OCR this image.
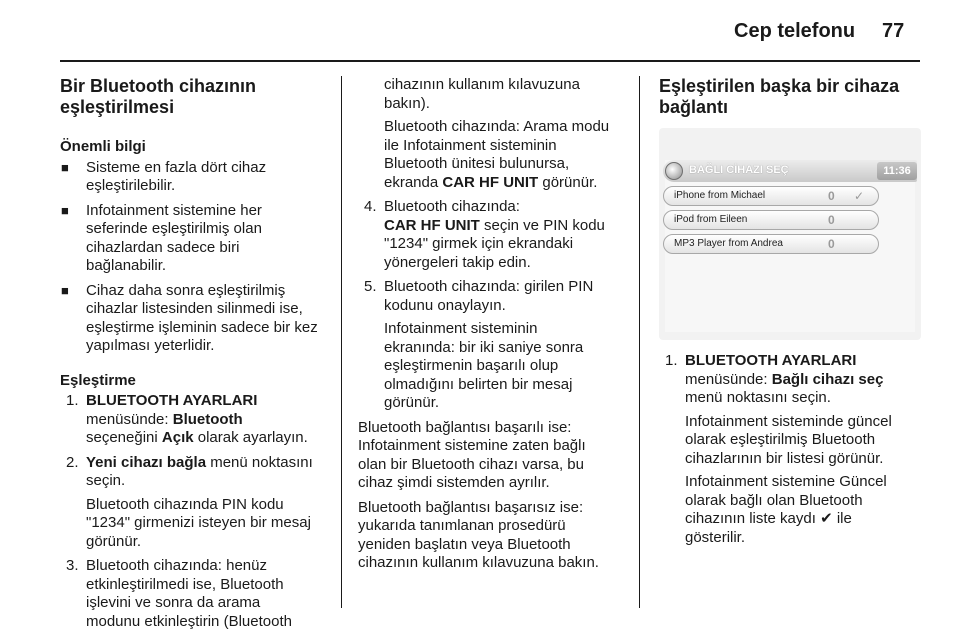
Cep telefonu 77
Bir Bluetooth cihazının
eşleştirilmesi

Önemli bilgi

■ Sisteme en fazla dört cihaz
eşleştirilebilir.
■ Infotainment sistemine her
seferinde eşleştirilmiş olan
cihazlardan sadece biri
bağlanabilir.
■ Cihaz daha sonra eşleştirilmiş
cihazlar listesinden silinmedi ise,
eşleştirme işleminin sadece bir kez
yapılması yeterlidir.

Eşleştirme

1. BLUETOOTH AYARLARI
menüsünde: Bluetooth
seçeneğini Açık olarak ayarlayın.
2. Yeni cihazı bağla menü noktasını
seçin.
Bluetooth cihazında PIN kodu
"1234" girmenizi isteyen bir mesaj
görünür.
3. Bluetooth cihazında: henüz
etkinleştirilmedi ise, Bluetooth
işlevini ve sonra da arama
modunu etkinleştirin (Bluetooth
cihazının kullanım kılavuzuna
bakın).
Bluetooth cihazında: Arama modu
ile Infotainment sisteminin
Bluetooth ünitesi bulunursa,
ekranda CAR HF UNIT görünür.
4. Bluetooth cihazında:
CAR HF UNIT seçin ve PIN kodu
"1234" girmek için ekrandaki
yönergeleri takip edin.
5. Bluetooth cihazında: girilen PIN
kodunu onaylayın.
Infotainment sisteminin
ekranında: bir iki saniye sonra
eşleştirmenin başarılı olup
olmadığını belirten bir mesaj
görünür.
Bluetooth bağlantısı başarılı ise:
Infotainment sistemine zaten bağlı
olan bir Bluetooth cihazı varsa, bu
cihaz şimdi sistemden ayrılır.
Bluetooth bağlantısı başarısız ise:
yukarıda tanımlanan prosedürü
yeniden başlatın veya Bluetooth
cihazının kullanım kılavuzuna bakın.
Eşleştirilen başka bir cihaza
bağlantı
BAĞLI CİHAZI SEÇ	11:36
iPhone from Michael	0 ✓
iPod from Eileen	0
MP3 Player from Andrea	0
1. BLUETOOTH AYARLARI
menüsünde: Bağlı cihazı seç
menü noktasını seçin.
Infotainment sisteminde güncel
olarak eşleştirilmiş Bluetooth
cihazlarının bir listesi görünür.
Infotainment sistemine Güncel
olarak bağlı olan Bluetooth
cihazının liste kaydı ✔ ile
gösterilir.
